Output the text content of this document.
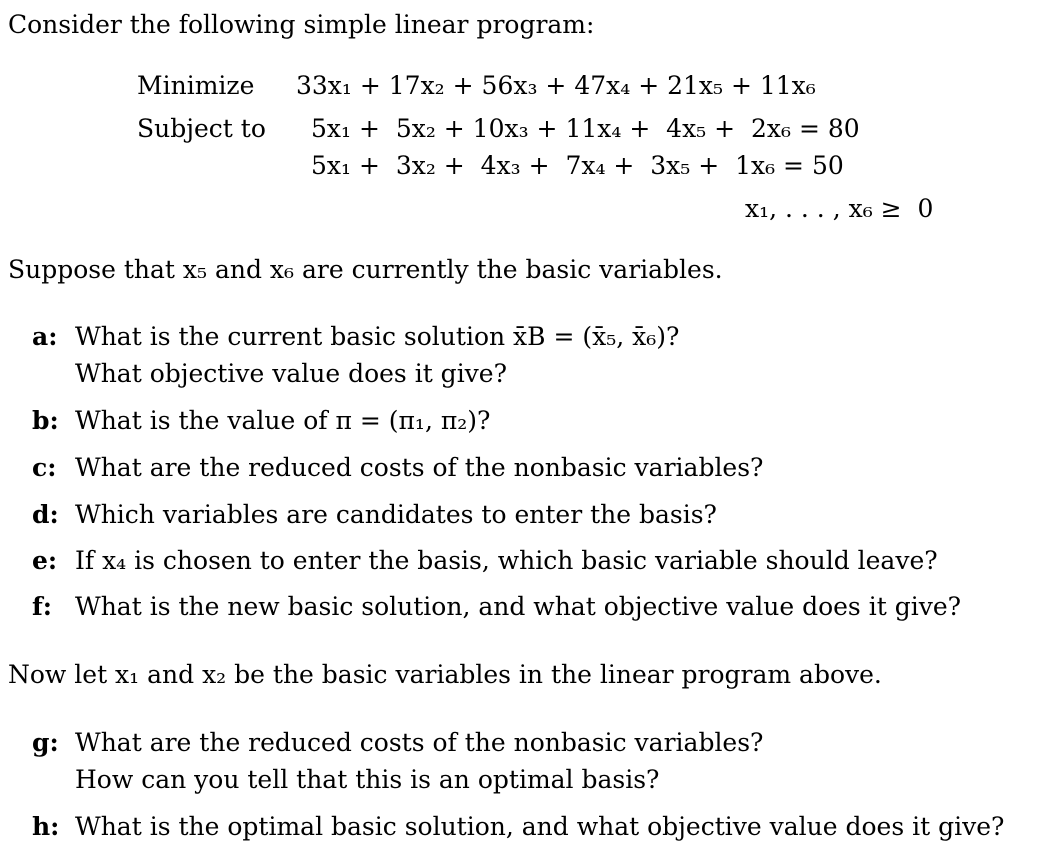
Consider the following simple linear program:
Minimize 33x₁ + 17x₂ + 56x₃ + 47x₄ + 21x₅ + 11x₆
Subject to 5x₁ +  5x₂ + 10x₃ + 11x₄ +  4x₅ +  2x₆ = 80
5x₁ +  3x₂ +  4x₃ +  7x₄ +  3x₅ +  1x₆ = 50
x₁, . . . , x₆ ≥  0
Suppose that x₅ and x₆ are currently the basic variables.
a: What is the current basic solution x̄B = (x̄₅, x̄₆)?
What objective value does it give?
b: What is the value of π = (π₁, π₂)?
c: What are the reduced costs of the nonbasic variables?
d: Which variables are candidates to enter the basis?
e: If x₄ is chosen to enter the basis, which basic variable should leave?
f: What is the new basic solution, and what objective value does it give?
Now let x₁ and x₂ be the basic variables in the linear program above.
g: What are the reduced costs of the nonbasic variables?
How can you tell that this is an optimal basis?
h: What is the optimal basic solution, and what objective value does it give?
